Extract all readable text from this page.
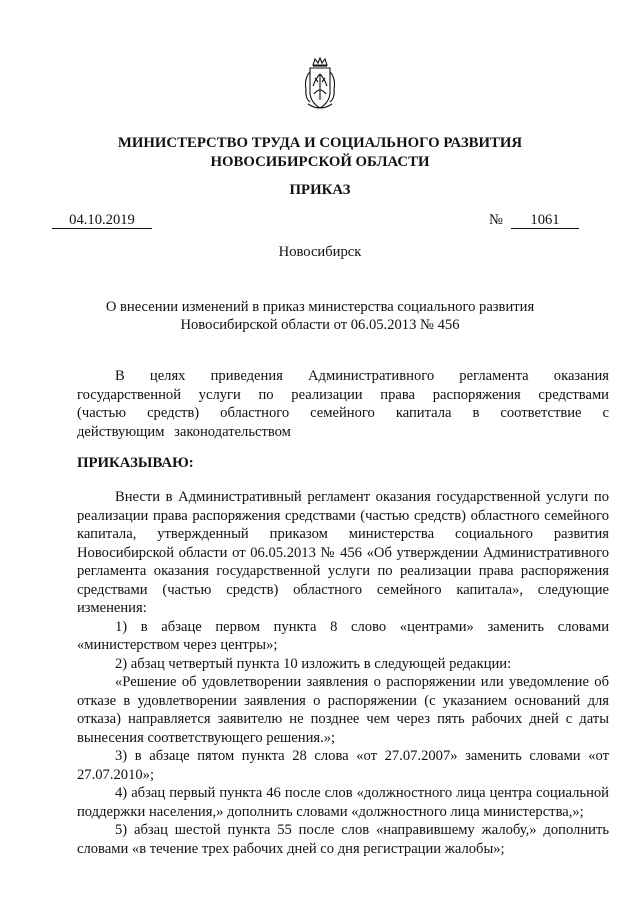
МИНИСТЕРСТВО ТРУДА И СОЦИАЛЬНОГО РАЗВИТИЯ
НОВОСИБИРСКОЙ ОБЛАСТИ
ПРИКАЗ
04.10.2019	№	1061
Новосибирск
О внесении изменений в приказ министерства социального развития
Новосибирской области от 06.05.2013 № 456
В целях приведения Административного регламента оказания государственной услуги по реализации права распоряжения средствами (частью средств) областного семейного капитала в соответствие с действующим законодательством
ПРИКАЗЫВАЮ:

Внести в Административный регламент оказания государственной услуги по реализации права распоряжения средствами (частью средств) областного семейного капитала, утвержденный приказом министерства социального развития Новосибирской области от 06.05.2013 № 456 «Об утверждении Административного регламента оказания государственной услуги по реализации права распоряжения средствами (частью средств) областного семейного капитала», следующие изменения:

1) в абзаце первом пункта 8 слово «центрами» заменить словами «министерством через центры»;

2) абзац четвертый пункта 10 изложить в следующей редакции:

«Решение об удовлетворении заявления о распоряжении или уведомление об отказе в удовлетворении заявления о распоряжении (с указанием оснований для отказа) направляется заявителю не позднее чем через пять рабочих дней с даты вынесения соответствующего решения.»;

3) в абзаце пятом пункта 28 слова «от 27.07.2007» заменить словами «от 27.07.2010»;

4) абзац первый пункта 46 после слов «должностного лица центра социальной поддержки населения,» дополнить словами «должностного лица министерства,»;

5) абзац шестой пункта 55 после слов «направившему жалобу,» дополнить словами «в течение трех рабочих дней со дня регистрации жалобы»;
